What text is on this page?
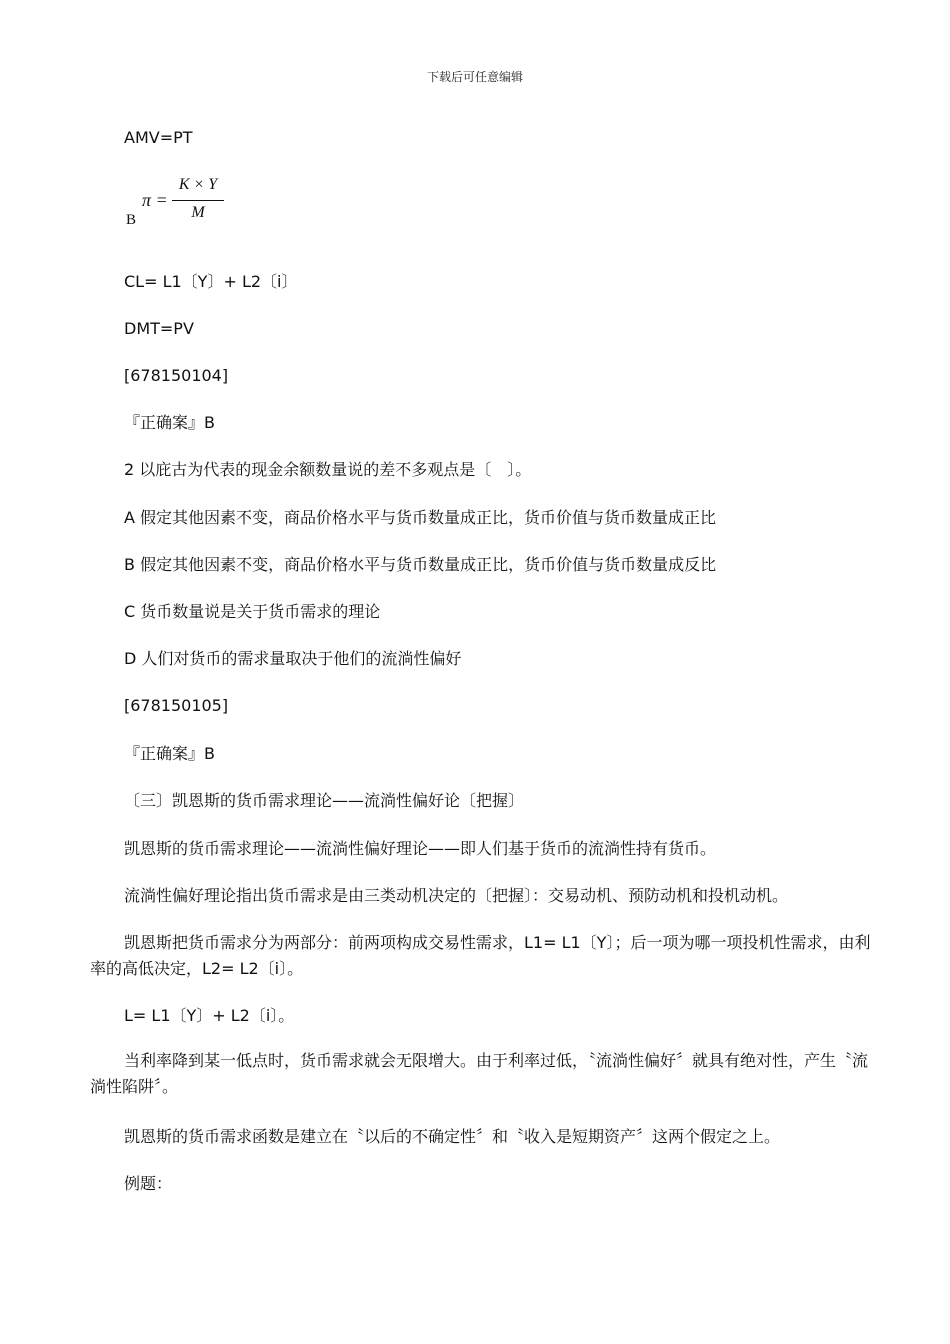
下载后可任意编辑
AMV=PT
B
π =
K × Y
M
CL= L1〔Y〕+ L2〔i〕
DMT=PV
[678150104]
『正确案』B
2 以庇古为代表的现金余额数量说的差不多观点是〔　〕。
A 假定其他因素不变，商品价格水平与货币数量成正比，货币价值与货币数量成正比
B 假定其他因素不变，商品价格水平与货币数量成正比，货币价值与货币数量成反比
C 货币数量说是关于货币需求的理论
D 人们对货币的需求量取决于他们的流淌性偏好
[678150105]
『正确案』B
〔三〕凯恩斯的货币需求理论——流淌性偏好论〔把握〕
凯恩斯的货币需求理论——流淌性偏好理论——即人们基于货币的流淌性持有货币。
流淌性偏好理论指出货币需求是由三类动机决定的〔把握〕：交易动机、预防动机和投机动机。
凯恩斯把货币需求分为两部分：前两项构成交易性需求，L1= L1〔Y〕；后一项为哪一项投机性需求，由利率的高低决定，L2= L2〔i〕。
L= L1〔Y〕+ L2〔i〕。
当利率降到某一低点时，货币需求就会无限增大。由于利率过低，〝流淌性偏好〞就具有绝对性，产生〝流淌性陷阱〞。
凯恩斯的货币需求函数是建立在〝以后的不确定性〞和〝收入是短期资产〞这两个假定之上。
例题：
